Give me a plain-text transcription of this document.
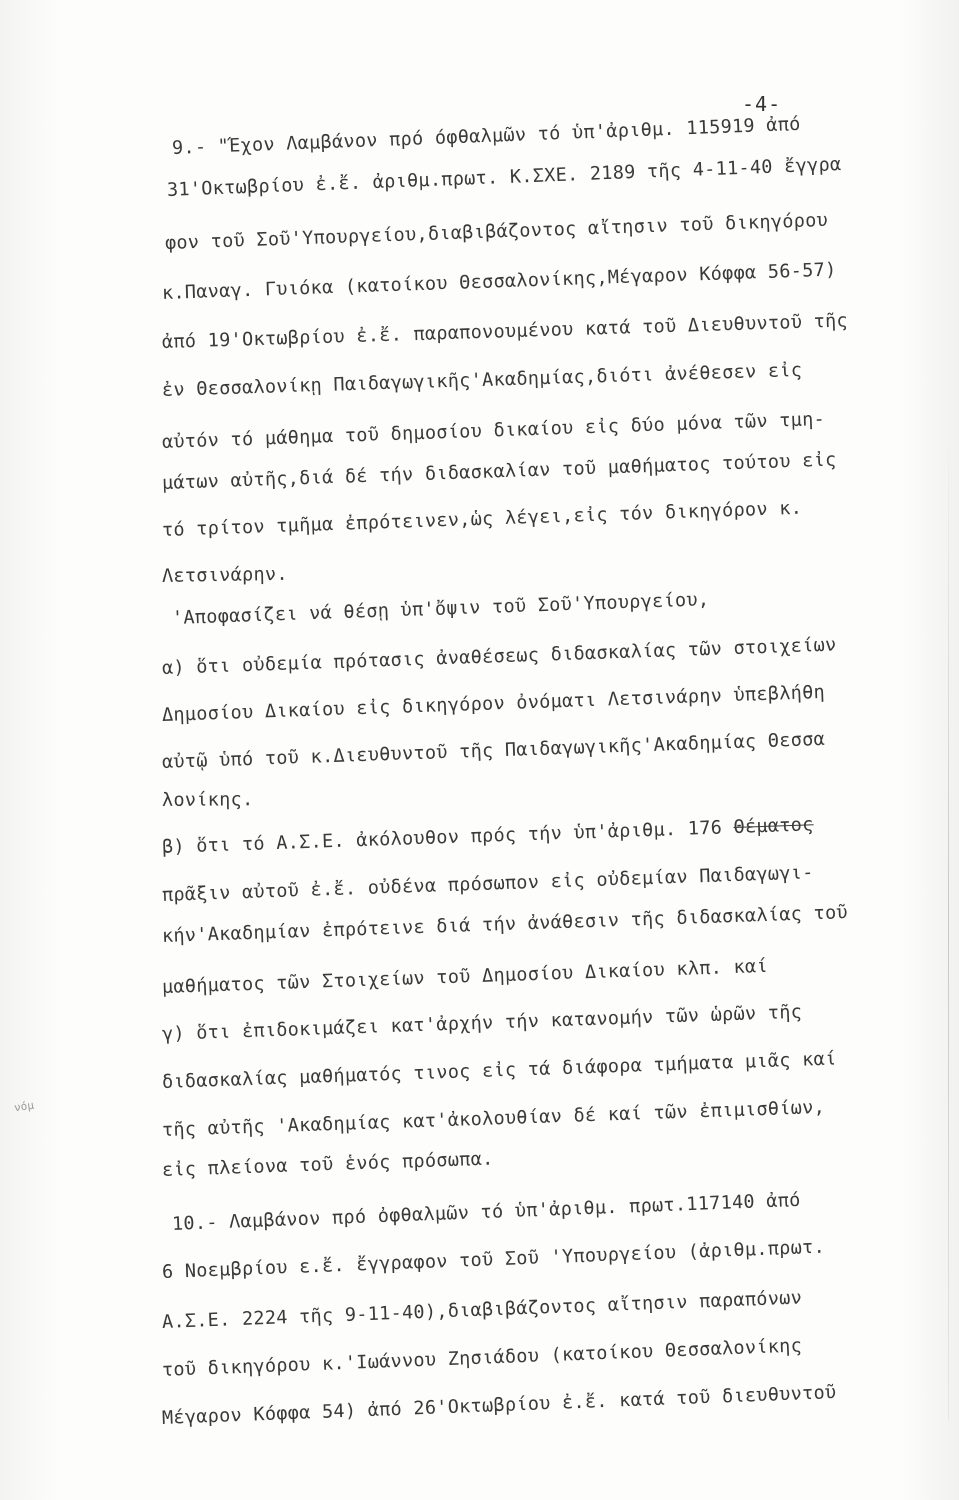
-4-
9.- "Έχον Λαμβάνον πρό όφθαλμῶν τό ὑπ'ἀριθμ. 115919 ἀπό
31'Οκτωβρίου ἐ.ἔ. ἀριθμ.πρωτ. Κ.ΣΧΕ. 2189 τῆς 4-11-40 ἔγγρα
φον τοῦ Σοῦ'Υπουργείου,διαβιβάζοντος αἴτησιν τοῦ δικηγόρου
κ.Παναγ. Γυιόκα (κατοίκου Θεσσαλονίκης,Μέγαρον Κόφφα 56-57)
ἀπό 19'Οκτωβρίου ἐ.ἔ. παραπονουμένου κατά τοῦ Διευθυντοῦ τῆς
ἐν Θεσσαλονίκῃ Παιδαγωγικῆς'Ακαδημίας,διότι ἀνέθεσεν εἰς
αὐτόν τό μάθημα τοῦ δημοσίου δικαίου εἰς δύο μόνα τῶν τμη-
μάτων αὐτῆς,διά δέ τήν διδασκαλίαν τοῦ μαθήματος τούτου εἰς
τό τρίτον τμῆμα ἐπρότεινεν,ὡς λέγει,εἰς τόν δικηγόρον κ.
Λετσινάρην.
'Αποφασίζει νά θέσῃ ὑπ'ὄψιν τοῦ Σοῦ'Υπουργείου,
α) ὅτι οὐδεμία πρότασις ἀναθέσεως διδασκαλίας τῶν στοιχείων
Δημοσίου Δικαίου εἰς δικηγόρον ὀνόματι Λετσινάρην ὑπεβλήθη
αὐτῷ ὑπό τοῦ κ.Διευθυντοῦ τῆς Παιδαγωγικῆς'Ακαδημίας Θεσσα
λονίκης.
β) ὅτι τό Α.Σ.Ε. ἀκόλουθον πρός τήν ὑπ'ἀριθμ. 176 Θέματος
πρᾶξιν αὐτοῦ ἐ.ἔ. οὐδένα πρόσωπον εἰς οὐδεμίαν Παιδαγωγι-
κήν'Ακαδημίαν ἐπρότεινε διά τήν ἀνάθεσιν τῆς διδασκαλίας τοῦ
μαθήματος τῶν Στοιχείων τοῦ Δημοσίου Δικαίου κλπ. καί
γ) ὅτι ἐπιδοκιμάζει κατ'ἀρχήν τήν κατανομήν τῶν ὡρῶν τῆς
διδασκαλίας μαθήματός τινος εἰς τά διάφορα τμήματα μιᾶς καί
τῆς αὐτῆς 'Ακαδημίας κατ'ἀκολουθίαν δέ καί τῶν ἐπιμισθίων,
εἰς πλείονα τοῦ ἑνός πρόσωπα.
10.- Λαμβάνον πρό ὀφθαλμῶν τό ὑπ'ἀριθμ. πρωτ.117140 ἀπό
6 Νοεμβρίου ε.ἔ. ἔγγραφον τοῦ Σοῦ 'Υπουργείου (ἀριθμ.πρωτ.
Α.Σ.Ε. 2224 τῆς 9-11-40),διαβιβάζοντος αἴτησιν παραπόνων
τοῦ δικηγόρου κ.'Ιωάννου Ζησιάδου (κατοίκου Θεσσαλονίκης
Μέγαρον Κόφφα 54) ἀπό 26'Οκτωβρίου ἐ.ἔ. κατά τοῦ διευθυντοῦ
νόμ
